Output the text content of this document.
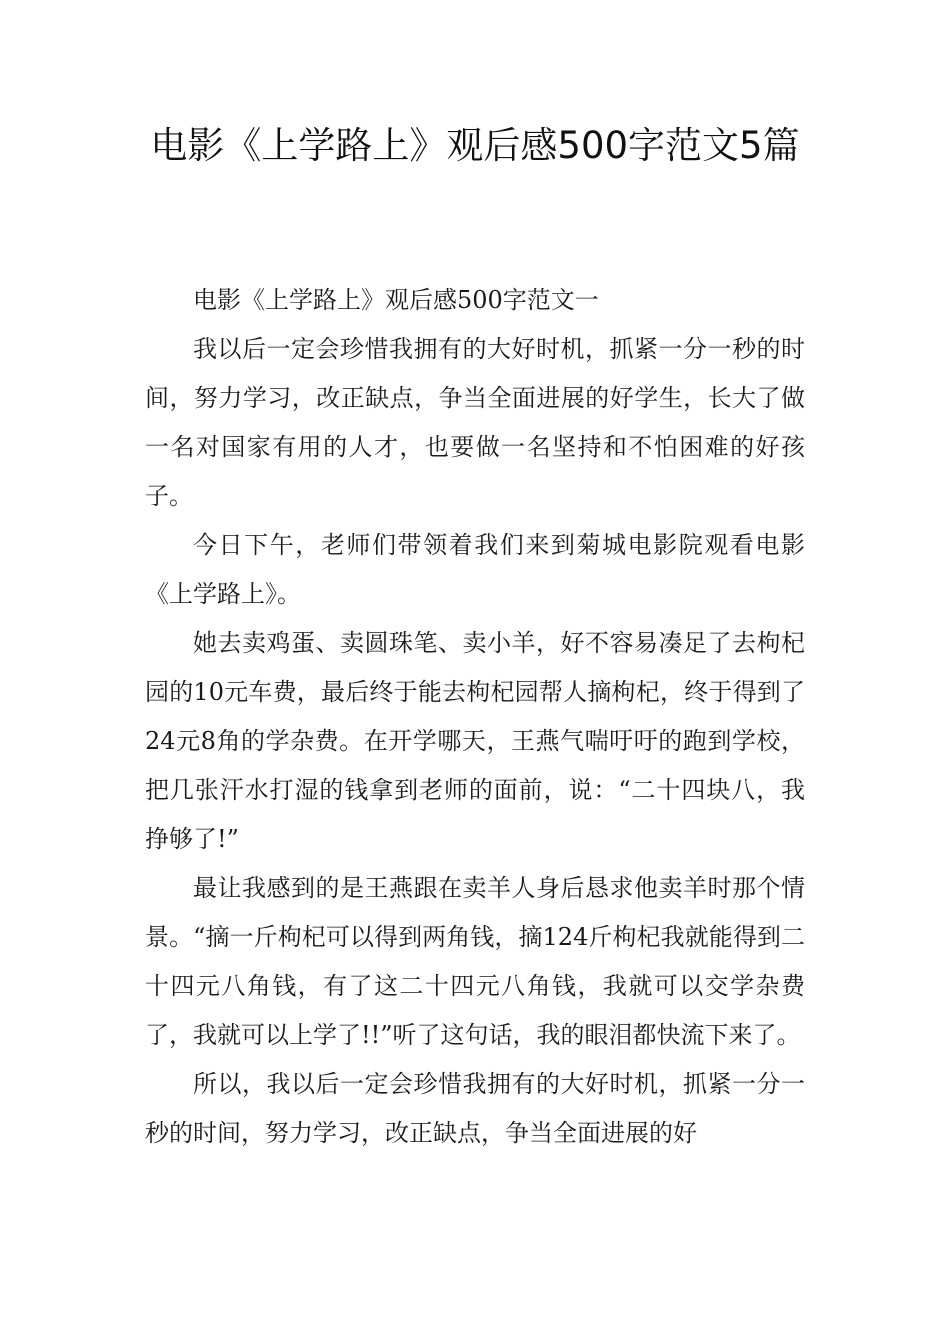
电影《上学路上》观后感500字范文5篇

电影《上学路上》观后感500字范文一

我以后一定会珍惜我拥有的大好时机，抓紧一分一秒的时间，努力学习，改正缺点，争当全面进展的好学生，长大了做一名对国家有用的人才，也要做一名坚持和不怕困难的好孩子。

今日下午，老师们带领着我们来到菊城电影院观看电影《上学路上》。

她去卖鸡蛋、卖圆珠笔、卖小羊，好不容易凑足了去枸杞园的10元车费，最后终于能去枸杞园帮人摘枸杞，终于得到了24元8角的学杂费。在开学哪天，王燕气喘吁吁的跑到学校，把几张汗水打湿的钱拿到老师的面前，说：“二十四块八，我挣够了!”

最让我感到的是王燕跟在卖羊人身后恳求他卖羊时那个情景。“摘一斤枸杞可以得到两角钱，摘124斤枸杞我就能得到二十四元八角钱，有了这二十四元八角钱，我就可以交学杂费了，我就可以上学了!!”听了这句话，我的眼泪都快流下来了。

所以，我以后一定会珍惜我拥有的大好时机，抓紧一分一秒的时间，努力学习，改正缺点，争当全面进展的好
